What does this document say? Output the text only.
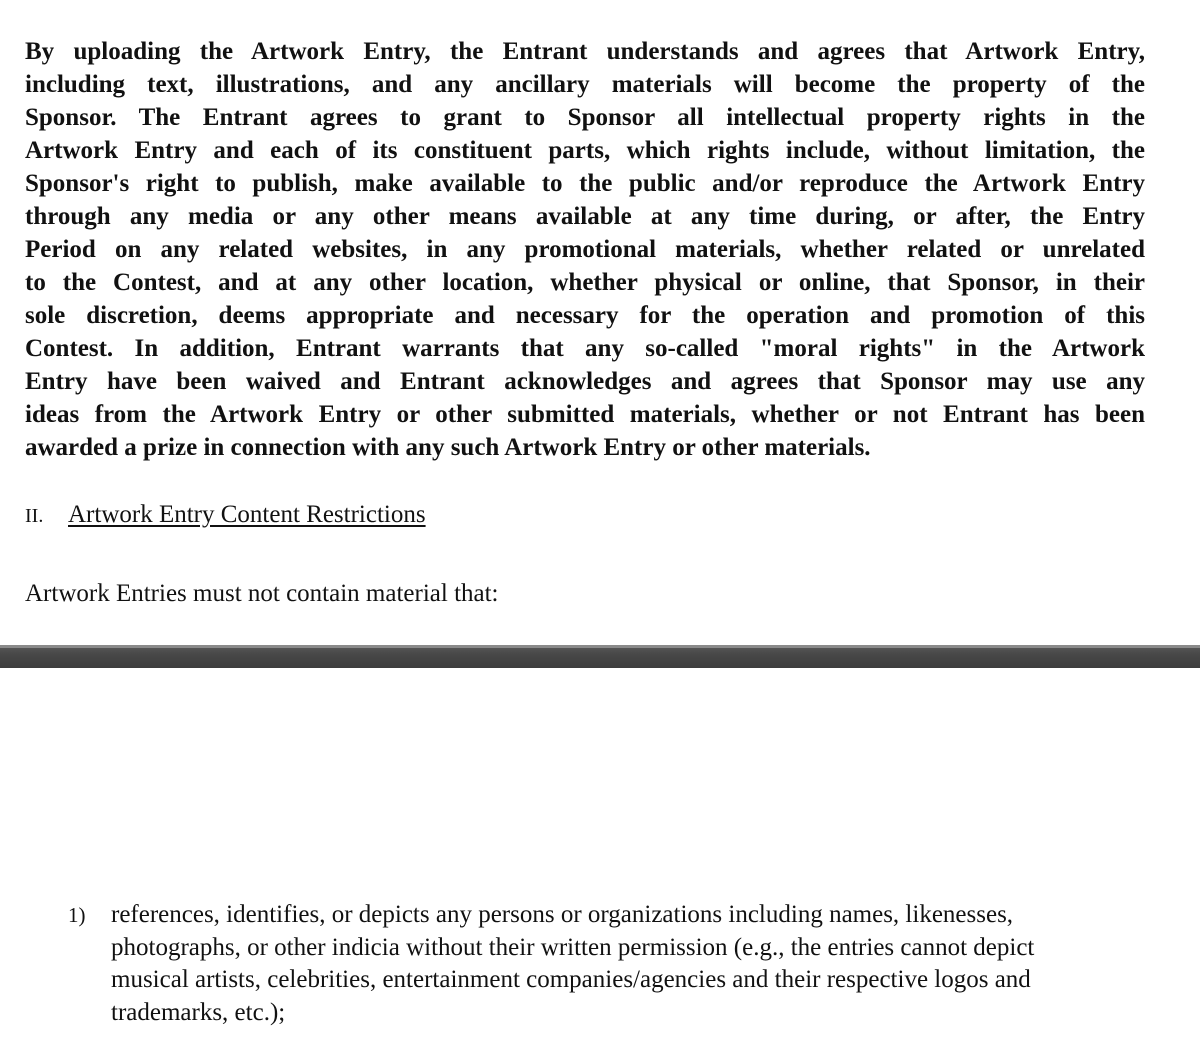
By uploading the Artwork Entry, the Entrant understands and agrees that Artwork Entry,
including text, illustrations, and any ancillary materials will become the property of the
Sponsor. The Entrant agrees to grant to Sponsor all intellectual property rights in the
Artwork Entry and each of its constituent parts, which rights include, without limitation, the
Sponsor's right to publish, make available to the public and/or reproduce the Artwork Entry
through any media or any other means available at any time during, or after, the Entry
Period on any related websites, in any promotional materials, whether related or unrelated
to the Contest, and at any other location, whether physical or online, that Sponsor, in their
sole discretion, deems appropriate and necessary for the operation and promotion of this
Contest. In addition, Entrant warrants that any so-called "moral rights" in the Artwork
Entry have been waived and Entrant acknowledges and agrees that Sponsor may use any
ideas from the Artwork Entry or other submitted materials, whether or not Entrant has been
awarded a prize in connection with any such Artwork Entry or other materials.
II. Artwork Entry Content Restrictions
Artwork Entries must not contain material that:
1) references, identifies, or depicts any persons or organizations including names, likenesses,
photographs, or other indicia without their written permission (e.g., the entries cannot depict
musical artists, celebrities, entertainment companies/agencies and their respective logos and
trademarks, etc.);
